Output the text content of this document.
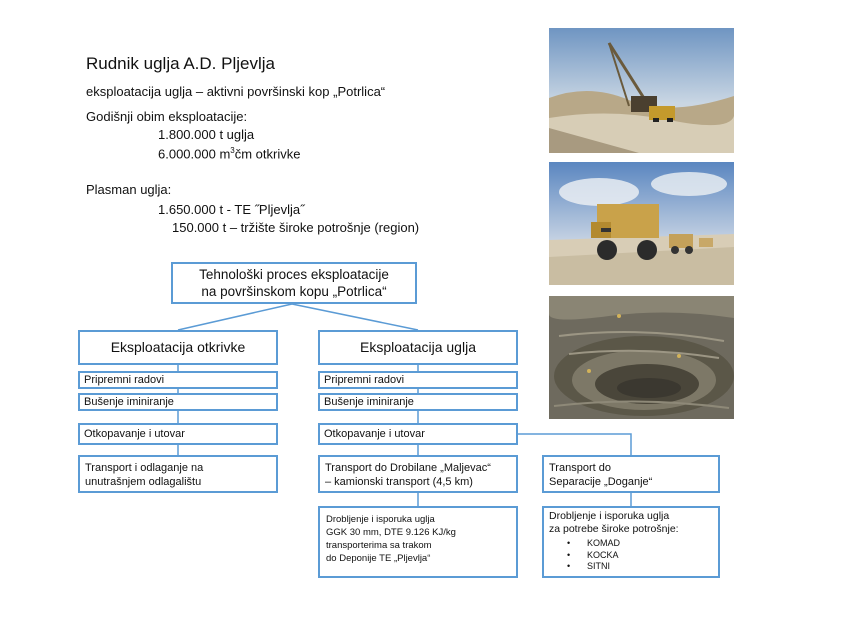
Rudnik uglja A.D. Pljevlja
eksploatacija uglja – aktivni površinski kop „Potrlica“
Godišnji obim eksploatacije:
1.800.000 t uglja
6.000.000 $m^3čm$ otkrivke
Plasman uglja:
1.650.000 t - TE ˝Pljevlja˝
150.000 t – tržište široke potrošnje (region)
Tehnološki proces eksploatacije
na površinskom kopu „Potrlica“
Eksploatacija otkrivke
Pripremni radovi
Bušenje iminiranje
Otkopavanje i utovar
Transport i odlaganje na
unutrašnjem odlagalištu
Eksploatacija uglja
Pripremni radovi
Bušenje iminiranje
Otkopavanje i utovar
Transport do Drobilane „Maljevac“
– kamionski transport (4,5 km)
Drobljenje i isporuka uglja
GGK 30 mm, DTE 9.126 KJ/kg
transporterima sa trakom
do Deponije TE „Pljevlja“
Transport do
Separacije „Doganje“
Drobljenje i isporuka uglja
za potrebe široke potrošnje:
• KOMAD
• KOCKA
• SITNI
